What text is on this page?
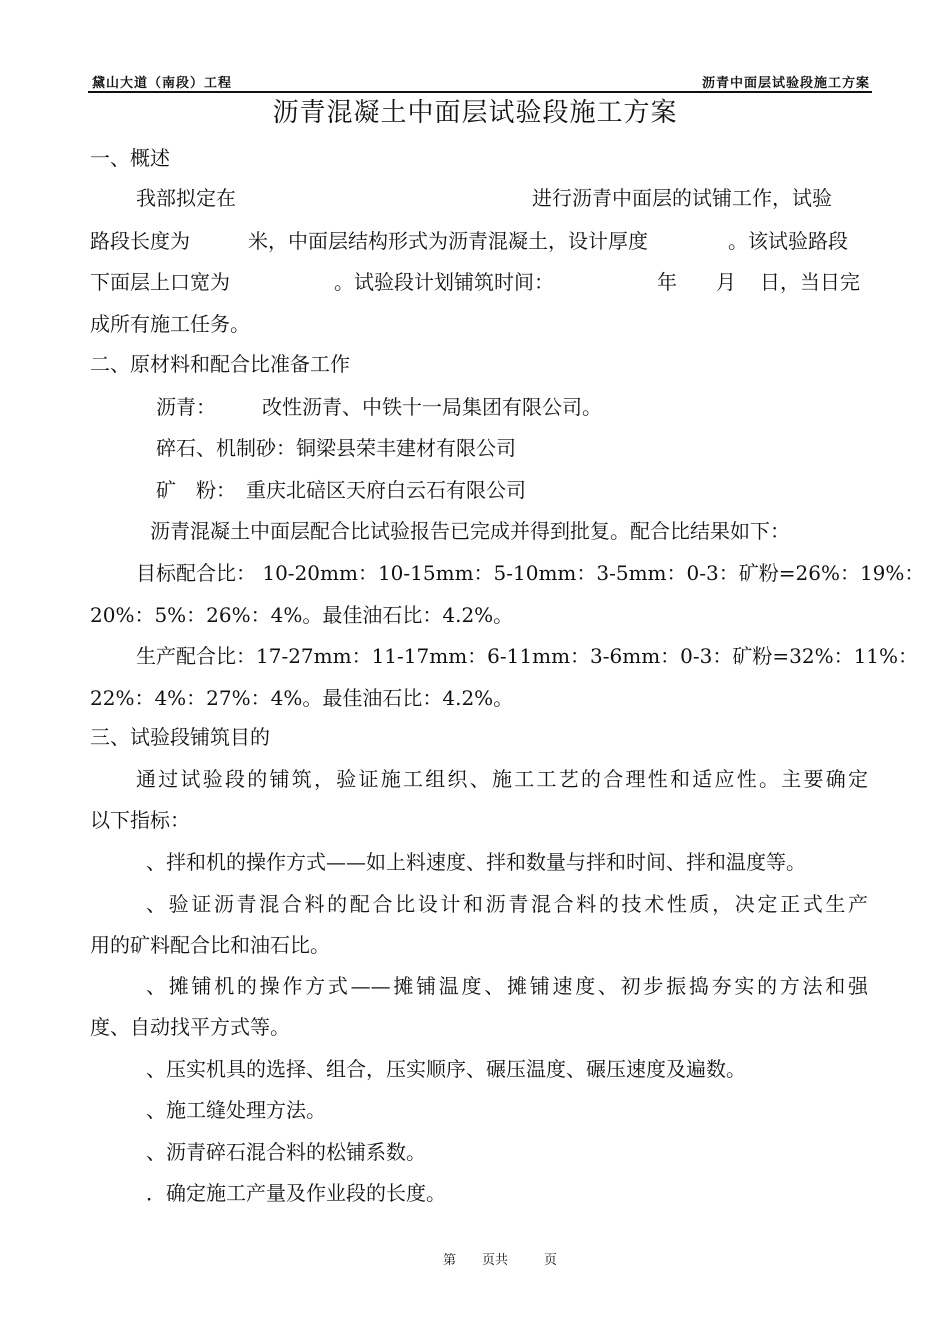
黛山大道（南段）工程	沥青中面层试验段施工方案
沥青混凝土中面层试验段施工方案
一、概述
我部拟定在	进行沥青中面层的试铺工作，试验
路段长度为	米，中面层结构形式为沥青混凝土，设计厚度	。该试验路段
下面层上口宽为	。试验段计划铺筑时间：	年 月 日，当日完
成所有施工任务。
二、原材料和配合比准备工作
沥青： 改性沥青、中铁十一局集团有限公司。
碎石、机制砂：铜梁县荣丰建材有限公司
矿　粉： 重庆北碚区天府白云石有限公司
沥青混凝土中面层配合比试验报告已完成并得到批复。配合比结果如下：
目标配合比： 10-20mm：10-15mm：5-10mm：3-5mm：0-3：矿粉=26%：19%：
20%：5%：26%：4%。最佳油石比：4.2%。
生产配合比：17-27mm：11-17mm：6-11mm：3-6mm：0-3：矿粉=32%：11%：
22%：4%：27%：4%。最佳油石比：4.2%。
三、试验段铺筑目的
通过试验段的铺筑，验证施工组织、施工工艺的合理性和适应性。主要确定
以下指标：
、拌和机的操作方式——如上料速度、拌和数量与拌和时间、拌和温度等。
、验证沥青混合料的配合比设计和沥青混合料的技术性质，决定正式生产
用的矿料配合比和油石比。
、摊铺机的操作方式——摊铺温度、摊铺速度、初步振捣夯实的方法和强
度、自动找平方式等。
、压实机具的选择、组合，压实顺序、碾压温度、碾压速度及遍数。
、施工缝处理方法。
、沥青碎石混合料的松铺系数。
．确定施工产量及作业段的长度。
第 页共	页
